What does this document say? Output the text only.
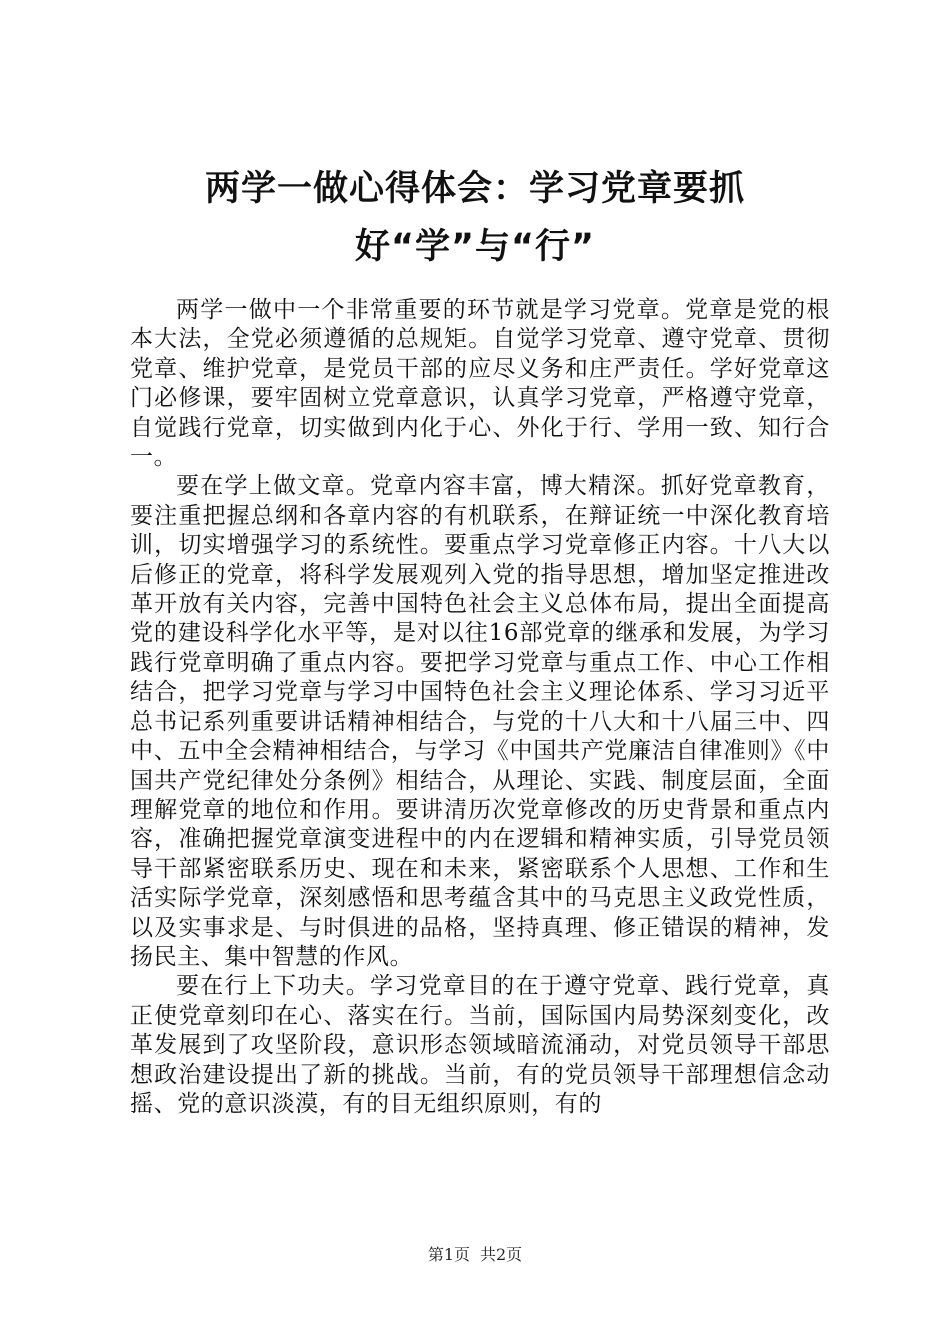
两学一做心得体会：学习党章要抓好“学”与“行”

两学一做中一个非常重要的环节就是学习党章。党章是党的根本大法，全党必须遵循的总规矩。自觉学习党章、遵守党章、贯彻党章、维护党章，是党员干部的应尽义务和庄严责任。学好党章这门必修课，要牢固树立党章意识，认真学习党章，严格遵守党章，自觉践行党章，切实做到内化于心、外化于行、学用一致、知行合一。

要在学上做文章。党章内容丰富，博大精深。抓好党章教育，要注重把握总纲和各章内容的有机联系，在辩证统一中深化教育培训，切实增强学习的系统性。要重点学习党章修正内容。十八大以后修正的党章，将科学发展观列入党的指导思想，增加坚定推进改革开放有关内容，完善中国特色社会主义总体布局，提出全面提高党的建设科学化水平等，是对以往16部党章的继承和发展，为学习践行党章明确了重点内容。要把学习党章与重点工作、中心工作相结合，把学习党章与学习中国特色社会主义理论体系、学习习近平总书记系列重要讲话精神相结合，与党的十八大和十八届三中、四中、五中全会精神相结合，与学习《中国共产党廉洁自律准则》《中国共产党纪律处分条例》相结合，从理论、实践、制度层面，全面理解党章的地位和作用。要讲清历次党章修改的历史背景和重点内容，准确把握党章演变进程中的内在逻辑和精神实质，引导党员领导干部紧密联系历史、现在和未来，紧密联系个人思想、工作和生活实际学党章，深刻感悟和思考蕴含其中的马克思主义政党性质，以及实事求是、与时俱进的品格，坚持真理、修正错误的精神，发扬民主、集中智慧的作风。

要在行上下功夫。学习党章目的在于遵守党章、践行党章，真正使党章刻印在心、落实在行。当前，国际国内局势深刻变化，改革发展到了攻坚阶段，意识形态领域暗流涌动，对党员领导干部思想政治建设提出了新的挑战。当前，有的党员领导干部理想信念动摇、党的意识淡漠，有的目无组织原则，有的

第1页 共2页
